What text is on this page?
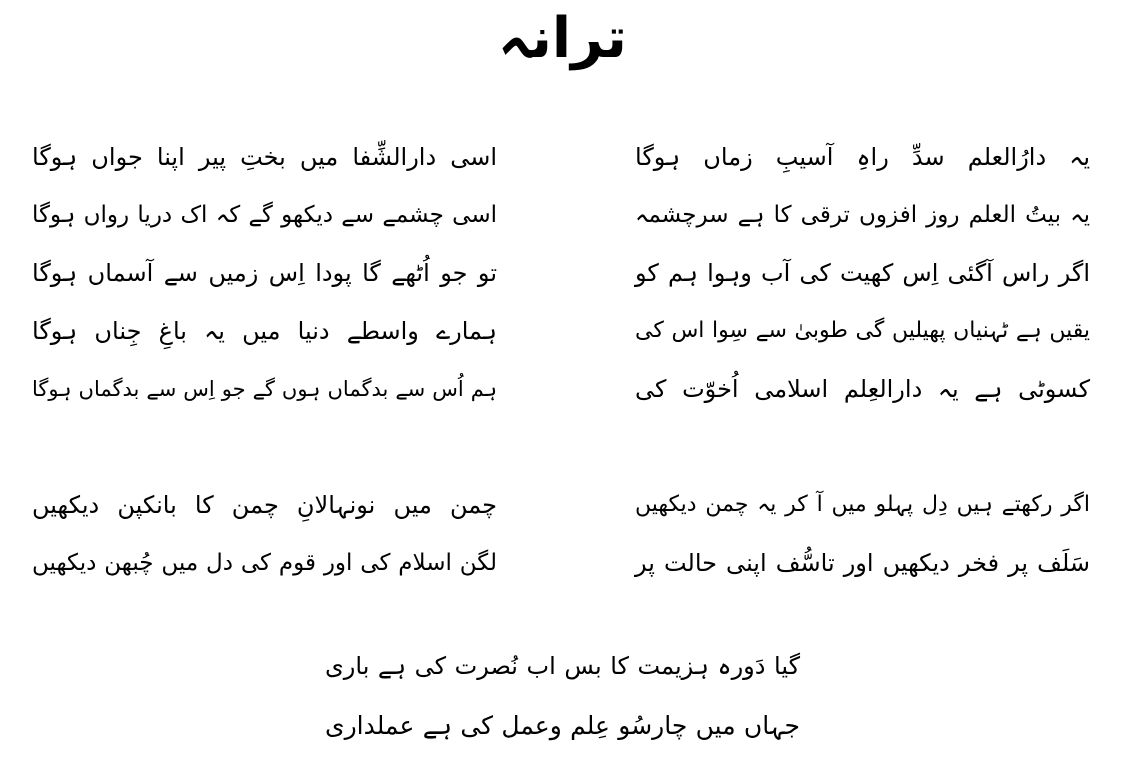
ترانہ
یہ دارُالعلم سدِّ راہِ آسیبِ زماں ہوگا
یہ بیتُ العلم روز افزوں ترقی کا ہے سرچشمہ
اگر راس آگئی اِس کھیت کی آب وہوا ہم کو
یقیں ہے ٹہنیاں پھیلیں گی طوبیٰ سے سِوا اس کی
کسوٹی ہے یہ دارالعِلم اسلامی اُخوّت کی
اسی دارالشِّفا میں بختِ پیر اپنا جواں ہوگا
اسی چشمے سے دیکھو گے کہ اک دریا رواں ہوگا
تو جو اُٹھے گا پودا اِس زمیں سے آسماں ہوگا
ہمارے واسطے دنیا میں یہ باغِ جِناں ہوگا
ہم اُس سے بدگماں ہوں گے جو اِس سے بدگماں ہوگا
اگر رکھتے ہیں دِل پہلو میں آ کر یہ چمن دیکھیں
سَلَف پر فخر دیکھیں اور تاسُّف اپنی حالت پر
چمن میں نونہالانِ چمن کا بانکپن دیکھیں
لگن اسلام کی اور قوم کی دل میں چُبھن دیکھیں
گیا دَورہ ہزیمت کا بس اب نُصرت کی ہے باری
جہاں میں چارسُو عِلم وعمل کی ہے عملداری
